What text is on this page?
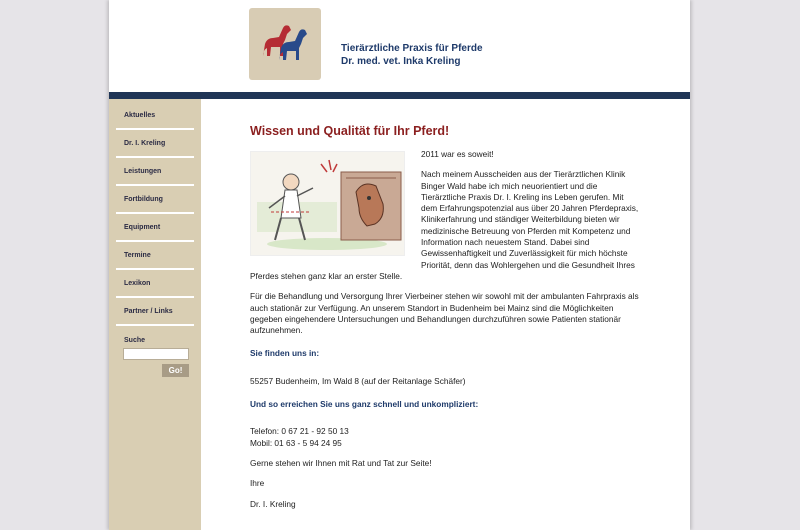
Tierärztliche Praxis für Pferde
Dr. med. vet. Inka Kreling
Aktuelles
Dr. I. Kreling
Leistungen
Fortbildung
Equipment
Termine
Lexikon
Partner / Links
Suche
Go!
Wissen und Qualität für Ihr Pferd!

2011 war es soweit!

Nach meinem Ausscheiden aus der Tierärztlichen Klinik Binger Wald habe ich mich neuorientiert und die Tierärztliche Praxis Dr. I. Kreling ins Leben gerufen. Mit dem Erfahrungspotenzial aus über 20 Jahren Pferdepraxis, Klinikerfahrung und ständiger Weiterbildung bieten wir medizinische Betreuung von Pferden mit Kompetenz und Information nach neuestem Stand. Dabei sind Gewissenhaftigkeit und Zuverlässigkeit für mich höchste Priorität, denn das Wohlergehen und die Gesundheit Ihres Pferdes stehen ganz klar an erster Stelle.

Für die Behandlung und Versorgung Ihrer Vierbeiner stehen wir sowohl mit der ambulanten Fahrpraxis als auch stationär zur Verfügung. An unserem Standort in Budenheim bei Mainz sind die Möglichkeiten gegeben eingehendere Untersuchungen und Behandlungen durchzuführen sowie Patienten stationär aufzunehmen.

Sie finden uns in:

55257 Budenheim, Im Wald 8 (auf der Reitanlage Schäfer)

Und so erreichen Sie uns ganz schnell und unkompliziert:

Telefon: 0 67 21 - 92 50 13
Mobil: 01 63 - 5 94 24 95

Gerne stehen wir Ihnen mit Rat und Tat zur Seite!

Ihre

Dr. I. Kreling
